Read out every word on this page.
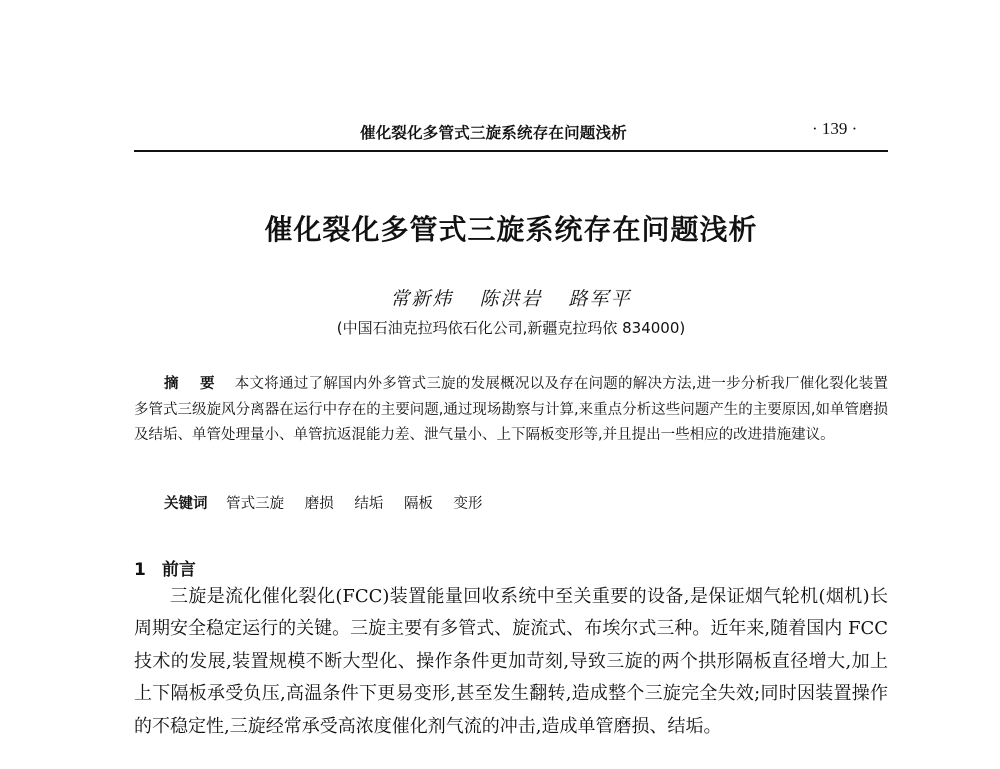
催化裂化多管式三旋系统存在问题浅析	· 139 ·
催化裂化多管式三旋系统存在问题浅析
常新炜 陈洪岩 路军平
(中国石油克拉玛依石化公司,新疆克拉玛依 834000)
摘 要 本文将通过了解国内外多管式三旋的发展概况以及存在问题的解决方法,进一步分析我厂催化裂化装置多管式三级旋风分离器在运行中存在的主要问题,通过现场勘察与计算,来重点分析这些问题产生的主要原因,如单管磨损及结垢、单管处理量小、单管抗返混能力差、泄气量小、上下隔板变形等,并且提出一些相应的改进措施建议。
关键词 管式三旋 磨损 结垢 隔板 变形
1 前言
三旋是流化催化裂化(FCC)装置能量回收系统中至关重要的设备,是保证烟气轮机(烟机)长周期安全稳定运行的关键。三旋主要有多管式、旋流式、布埃尔式三种。近年来,随着国内 FCC 技术的发展,装置规模不断大型化、操作条件更加苛刻,导致三旋的两个拱形隔板直径增大,加上上下隔板承受负压,高温条件下更易变形,甚至发生翻转,造成整个三旋完全失效;同时因装置操作的不稳定性,三旋经常承受高浓度催化剂气流的冲击,造成单管磨损、结垢。
